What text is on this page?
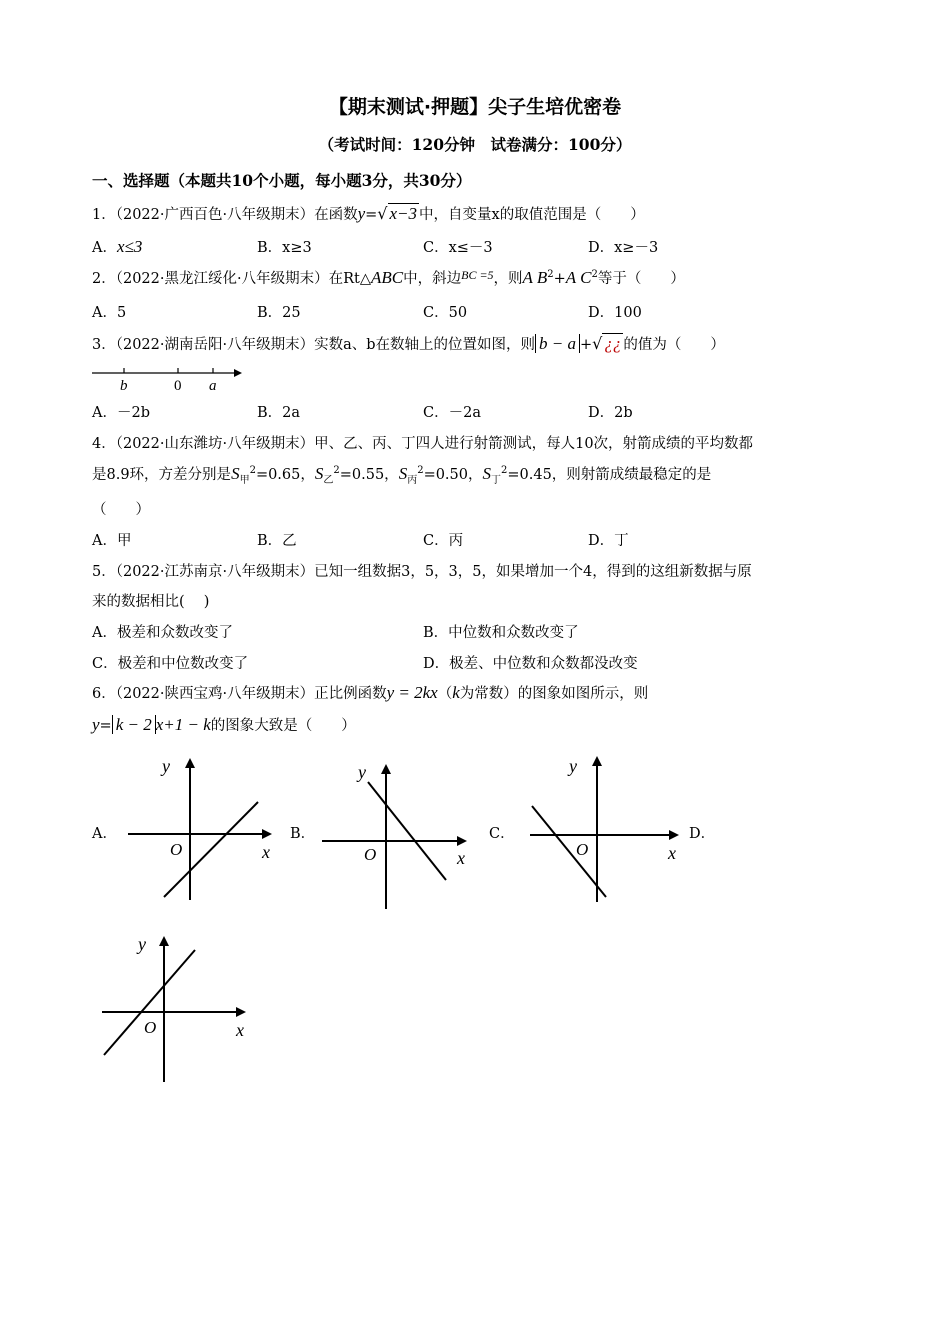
【期末测试·押题】尖子生培优密卷
（考试时间：120分钟　试卷满分：100分）
一、选择题（本题共10个小题，每小题3分，共30分）
1．（2022·广西百色·八年级期末）在函数y=√ x−3 中，自变量x的取值范围是（　　）
A．x≤3	B．x≥3	C．x≤－3	D．x≥－3
2．（2022·黑龙江绥化·八年级期末）在Rt△ABC中，斜边$^{BC =5}$，则A $B^2+A$ $C^2$等于（　　）
A．5	B．25	C．50	D．100
3．（2022·湖南岳阳·八年级期末）实数a、b在数轴上的位置如图，则 b − a +√ ¿¿ 的值为（　　）
b	0 a
A．－2b	B．2a	C．－2a	D．2b
4．（2022·山东潍坊·八年级期末）甲、乙、丙、丁四人进行射箭测试，每人10次，射箭成绩的平均数都
是8.9环，方差分别是$S_甲^2=0.65$，$S_乙^2=0.55$，$S_丙^2=0.50$，$S_丁^2=0.45$，则射箭成绩最稳定的是
（　　）
A．甲	B．乙	C．丙	D．丁
5．（2022·江苏南京·八年级期末）已知一组数据3，5，3，5，如果增加一个4，得到的这组新数据与原
来的数据相比(　 )
A．极差和众数改变了	B．中位数和众数改变了
C．极差和中位数改变了	D．极差、中位数和众数都没改变
6．（2022·陕西宝鸡·八年级期末）正比例函数y = 2kx（k为常数）的图象如图所示，则
y= k − 2 x+1 − k的图象大致是（　　）
A．	B．	C．	D．
y
x
O
y
x
O
y
x
O
y
x
O
